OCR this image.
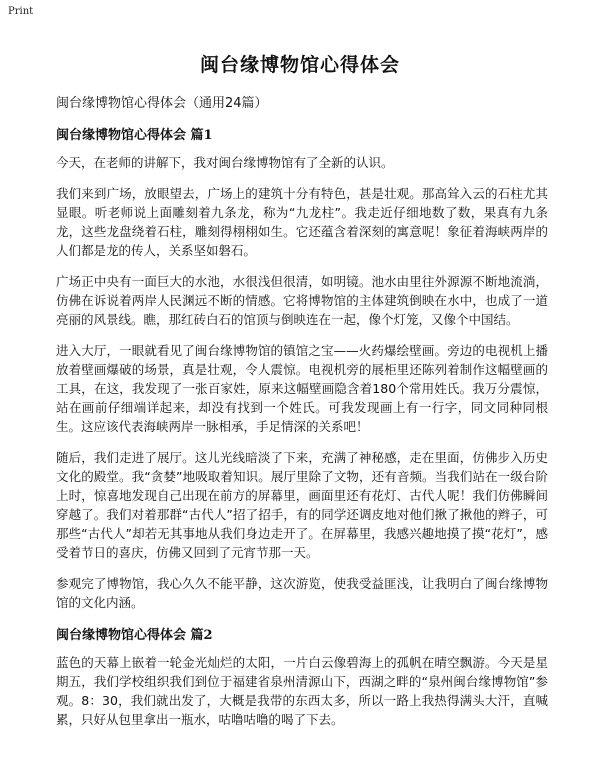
Print
闽台缘博物馆心得体会
闽台缘博物馆心得体会（通用24篇）
闽台缘博物馆心得体会 篇1

今天，在老师的讲解下，我对闽台缘博物馆有了全新的认识。

我们来到广场，放眼望去，广场上的建筑十分有特色，甚是壮观。那高耸入云的石柱尤其显眼。听老师说上面雕刻着九条龙，称为“九龙柱”。我走近仔细地数了数，果真有九条龙，这些龙盘绕着石柱，雕刻得栩栩如生。它还蕴含着深刻的寓意呢！象征着海峡两岸的人们都是龙的传人，关系坚如磐石。

广场正中央有一面巨大的水池，水很浅但很清，如明镜。池水由里往外源源不断地流淌，仿佛在诉说着两岸人民渊远不断的情感。它将博物馆的主体建筑倒映在水中，也成了一道亮丽的风景线。瞧，那红砖白石的馆顶与倒映连在一起，像个灯笼，又像个中国结。

进入大厅，一眼就看见了闽台缘博物馆的镇馆之宝——火药爆绘壁画。旁边的电视机上播放着壁画爆破的场景，真是壮观，令人震惊。电视机旁的展柜里还陈列着制作这幅壁画的工具，在这，我发现了一张百家姓，原来这幅壁画隐含着180个常用姓氏。我万分震惊，站在画前仔细端详起来，却没有找到一个姓氏。可我发现画上有一行字，同文同种同根生。这应该代表海峡两岸一脉相承，手足情深的关系吧！

随后，我们走进了展厅。这儿光线暗淡了下来，充满了神秘感，走在里面，仿佛步入历史文化的殿堂。我“贪婪”地吸取着知识。展厅里除了文物，还有音频。当我们站在一级台阶上时，惊喜地发现自己出现在前方的屏幕里，画面里还有花灯、古代人呢！我们仿佛瞬间穿越了。我们对着那群“古代人”招了招手，有的同学还调皮地对他们揪了揪他的辫子，可那些“古代人”却若无其事地从我们身边走开了。在屏幕里，我感兴趣地摸了摸“花灯”，感受着节日的喜庆，仿佛又回到了元宵节那一天。

参观完了博物馆，我心久久不能平静，这次游览，使我受益匪浅，让我明白了闽台缘博物馆的文化内涵。

闽台缘博物馆心得体会 篇2

蓝色的天幕上嵌着一轮金光灿烂的太阳，一片白云像碧海上的孤帆在晴空飘游。今天是星期五，我们学校组织我们到位于福建省泉州清源山下，西湖之畔的“泉州闽台缘博物馆”参观。8：30，我们就出发了，大概是我带的东西太多，所以一路上我热得满头大汗，直喊累，只好从包里拿出一瓶水，咕噜咕噜的喝了下去。
